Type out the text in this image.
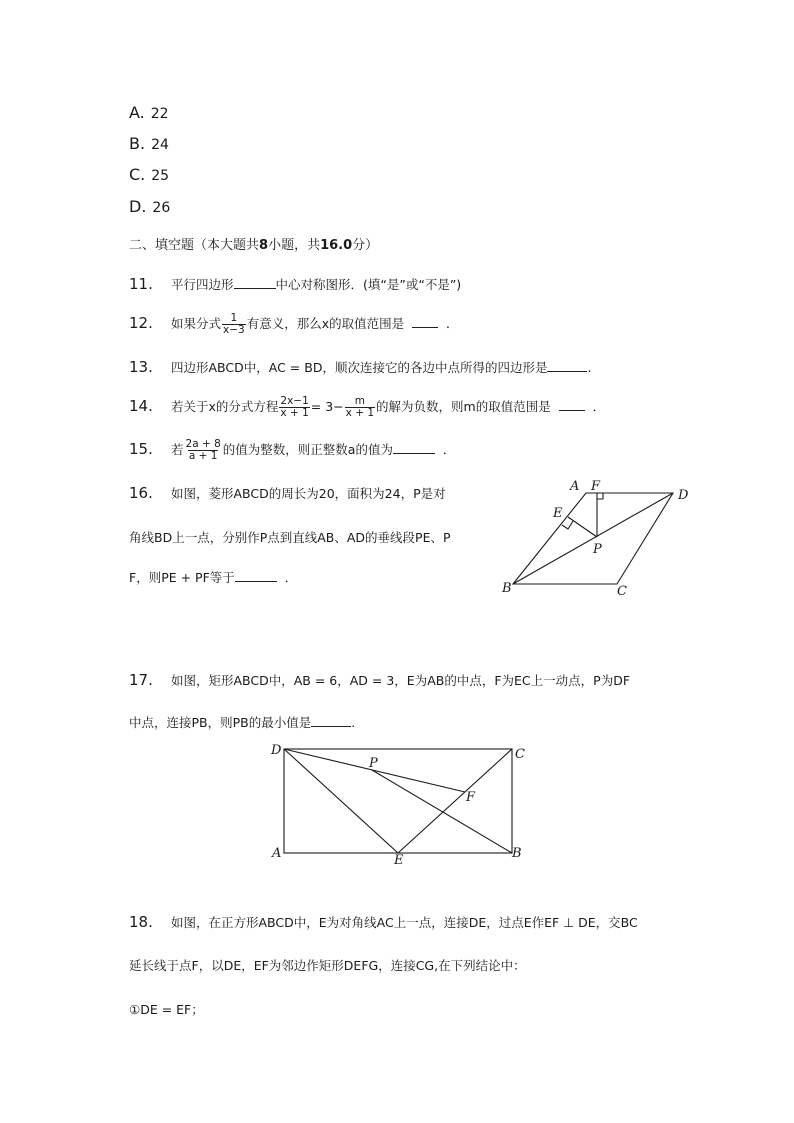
A. 22
B. 24
C. 25
D. 26
二、填空题（本大题共8小题，共16.0分）
11. 平行四边形	中心对称图形．(填“是”或“不是”)
12. 如果分式 $\frac{1}{x-3}$ 有意义，那么x的取值范围是	．
13. 四边形ABCD中，AC = BD，顺次连接它的各边中点所得的四边形是	.
14. 若关于x的分式方程 $\frac{2x-1}{x + 1} = 3- \frac{m}{x + 1}$ 的解为负数，则m的取值范围是	．
15. 若 $\frac{2a + 8}{a + 1}$ 的值为整数，则正整数a的值为	．
16. 如图，菱形ABCD的周长为20，面积为24，P是对
角线BD上一点，分别作P点到直线AB、AD的垂线段PE、P
F，则PE + PF等于	．
A F
D
E
P
B	C
17. 如图，矩形ABCD中，AB = 6，AD = 3，E为AB的中点，F为EC上一动点，P为DF
中点，连接PB，则PB的最小值是	.
D	C
P
F
A	E	B
18. 如图，在正方形ABCD中，E为对角线AC上一点，连接DE，过点E作EF ⊥ DE，交BC
延长线于点F，以DE，EF为邻边作矩形DEFG，连接CG,在下列结论中：
①DE = EF；
